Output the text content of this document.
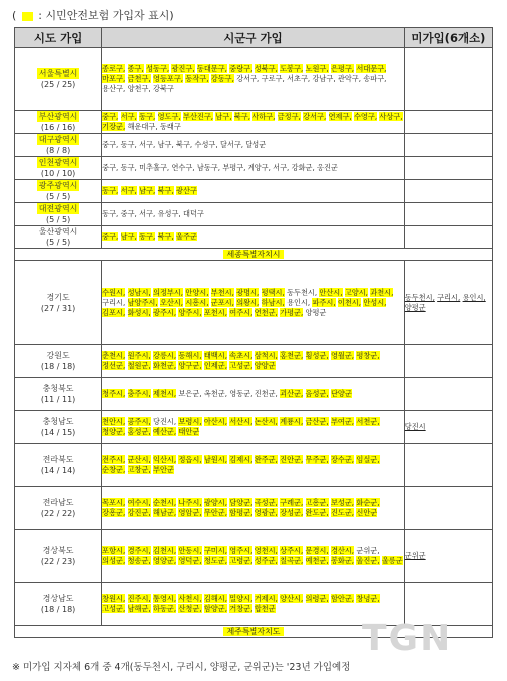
( : 시민안전보험 가입자 표시)
시도 가입	시군구 가입	미가입(6개소)
서울특별시

(25 / 25)	종로구, 종구, 성동구, 광진구, 동대문구, 중랑구, 성북구, 도봉구, 노원구, 은평구, 서대문구, 마포구, 금천구, 영등포구, 동작구, 강동구, 강서구, 구로구, 서초구, 강남구, 관악구, 송파구, 용산구, 양천구, 강북구	
부산광역시

(16 / 16)	중구, 서구, 동구, 영도구, 부산진구, 남구, 북구, 사하구, 금정구, 강서구, 연제구, 수영구, 사상구, 기장군, 해운대구, 동래구	
대구광역시

(8 / 8)	중구, 동구, 서구, 남구, 북구, 수성구, 달서구, 달성군	
인천광역시

(10 / 10)	중구, 동구, 미추홀구, 연수구, 남동구, 부평구, 계양구, 서구, 강화군, 옹진군	
광주광역시

(5 / 5)	동구, 서구, 남구, 북구, 광산구	
대전광역시

(5 / 5)	동구, 중구, 서구, 유성구, 대덕구	

울산광역시
(5 / 5)	중구, 남구, 동구, 북구, 울주군	
세종특별자치시		

경기도
(27 / 31)	수원시, 성남시, 의정부시, 안양시, 부천시, 광명시, 평택시, 동두천시, 안산시, 고양시, 과천시, 구리시, 남양주시, 오산시, 시흥시, 군포시, 의왕시, 하남시, 용인시, 파주시, 이천시, 안성시, 김포시, 화성시, 광주시, 양주시, 포천시, 여주시, 연천군, 가평군, 양평군	동두천시, 구리시, 용인시, 양평군

강원도
(18 / 18)	춘천시, 원주시, 강릉시, 동해시, 태백시, 속초시, 삼척시, 홍천군, 횡성군, 영월군, 평창군, 정선군, 철원군, 화천군, 양구군, 인제군, 고성군, 양양군	

충청북도
(11 / 11)	청주시, 충주시, 제천시, 보은군, 옥천군, 영동군, 진천군, 괴산군, 음성군, 단양군	

충청남도
(14 / 15)	천안시, 공주시, 당진시, 보령시, 아산시, 서산시, 논산시, 계룡시, 금산군, 부여군, 서천군, 청양군, 홍성군, 예산군, 태안군	당진시

전라북도
(14 / 14)	전주시, 군산시, 익산시, 정읍시, 남원시, 김제시, 완주군, 진안군, 무주군, 장수군, 임실군, 순창군, 고창군, 부안군	

전라남도
(22 / 22)	목포시, 여수시, 순천시, 나주시, 광양시, 담양군, 곡성군, 구례군, 고흥군, 보성군, 화순군, 장흥군, 강진군, 해남군, 영암군, 무안군, 함평군, 영광군, 장성군, 완도군, 진도군, 신안군	

경상북도
(22 / 23)	포항시, 경주시, 김천시, 안동시, 구미시, 영주시, 영천시, 상주시, 문경시, 경산시, 군위군, 의성군, 청송군, 영양군, 영덕군, 청도군, 고령군, 성주군, 칠곡군, 예천군, 봉화군, 울진군, 울릉군	군위군

경상남도
(18 / 18)	창원시, 진주시, 통영시, 사천시, 김해시, 밀양시, 거제시, 양산시, 의령군, 함안군, 창녕군, 고성군, 남해군, 하동군, 산청군, 함양군, 거창군, 합천군	
제주특별자치도		
※ 미가입 지자체 6개 중 4개(동두천시, 구리시, 양평군, 군위군)는 '23년 가입예정
TGN
